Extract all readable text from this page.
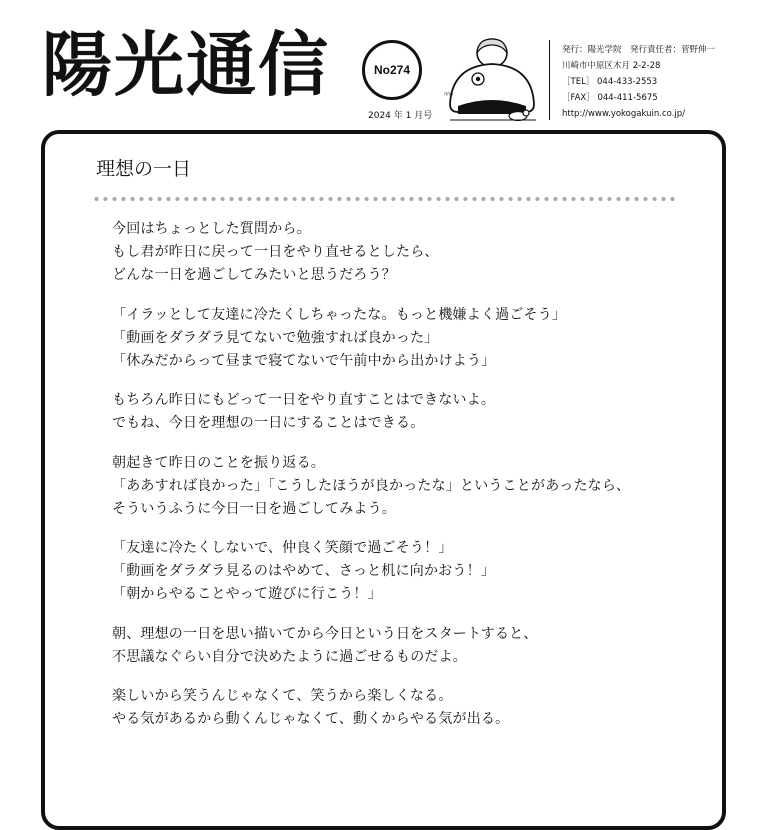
陽光通信	No274
2024 年 1 月号
ﾊﾊﾊ
発行：陽光学院　発行責任者：菅野伸一
川崎市中原区木月 2-2-28
［TEL］ 044-433-2553
［FAX］ 044-411-5675
http://www.yokogakuin.co.jp/
理想の一日
今回はちょっとした質問から。
もし君が昨日に戻って一日をやり直せるとしたら、
どんな一日を過ごしてみたいと思うだろう？
「イラッとして友達に冷たくしちゃったな。もっと機嫌よく過ごそう」
「動画をダラダラ見てないで勉強すれば良かった」
「休みだからって昼まで寝てないで午前中から出かけよう」
もちろん昨日にもどって一日をやり直すことはできないよ。
でもね、今日を理想の一日にすることはできる。
朝起きて昨日のことを振り返る。
「ああすれば良かった」「こうしたほうが良かったな」ということがあったなら、
そういうふうに今日一日を過ごしてみよう。
「友達に冷たくしないで、仲良く笑顔で過ごそう！」
「動画をダラダラ見るのはやめて、さっと机に向かおう！」
「朝からやることやって遊びに行こう！」
朝、理想の一日を思い描いてから今日という日をスタートすると、
不思議なぐらい自分で決めたように過ごせるものだよ。
楽しいから笑うんじゃなくて、笑うから楽しくなる。
やる気があるから動くんじゃなくて、動くからやる気が出る。
